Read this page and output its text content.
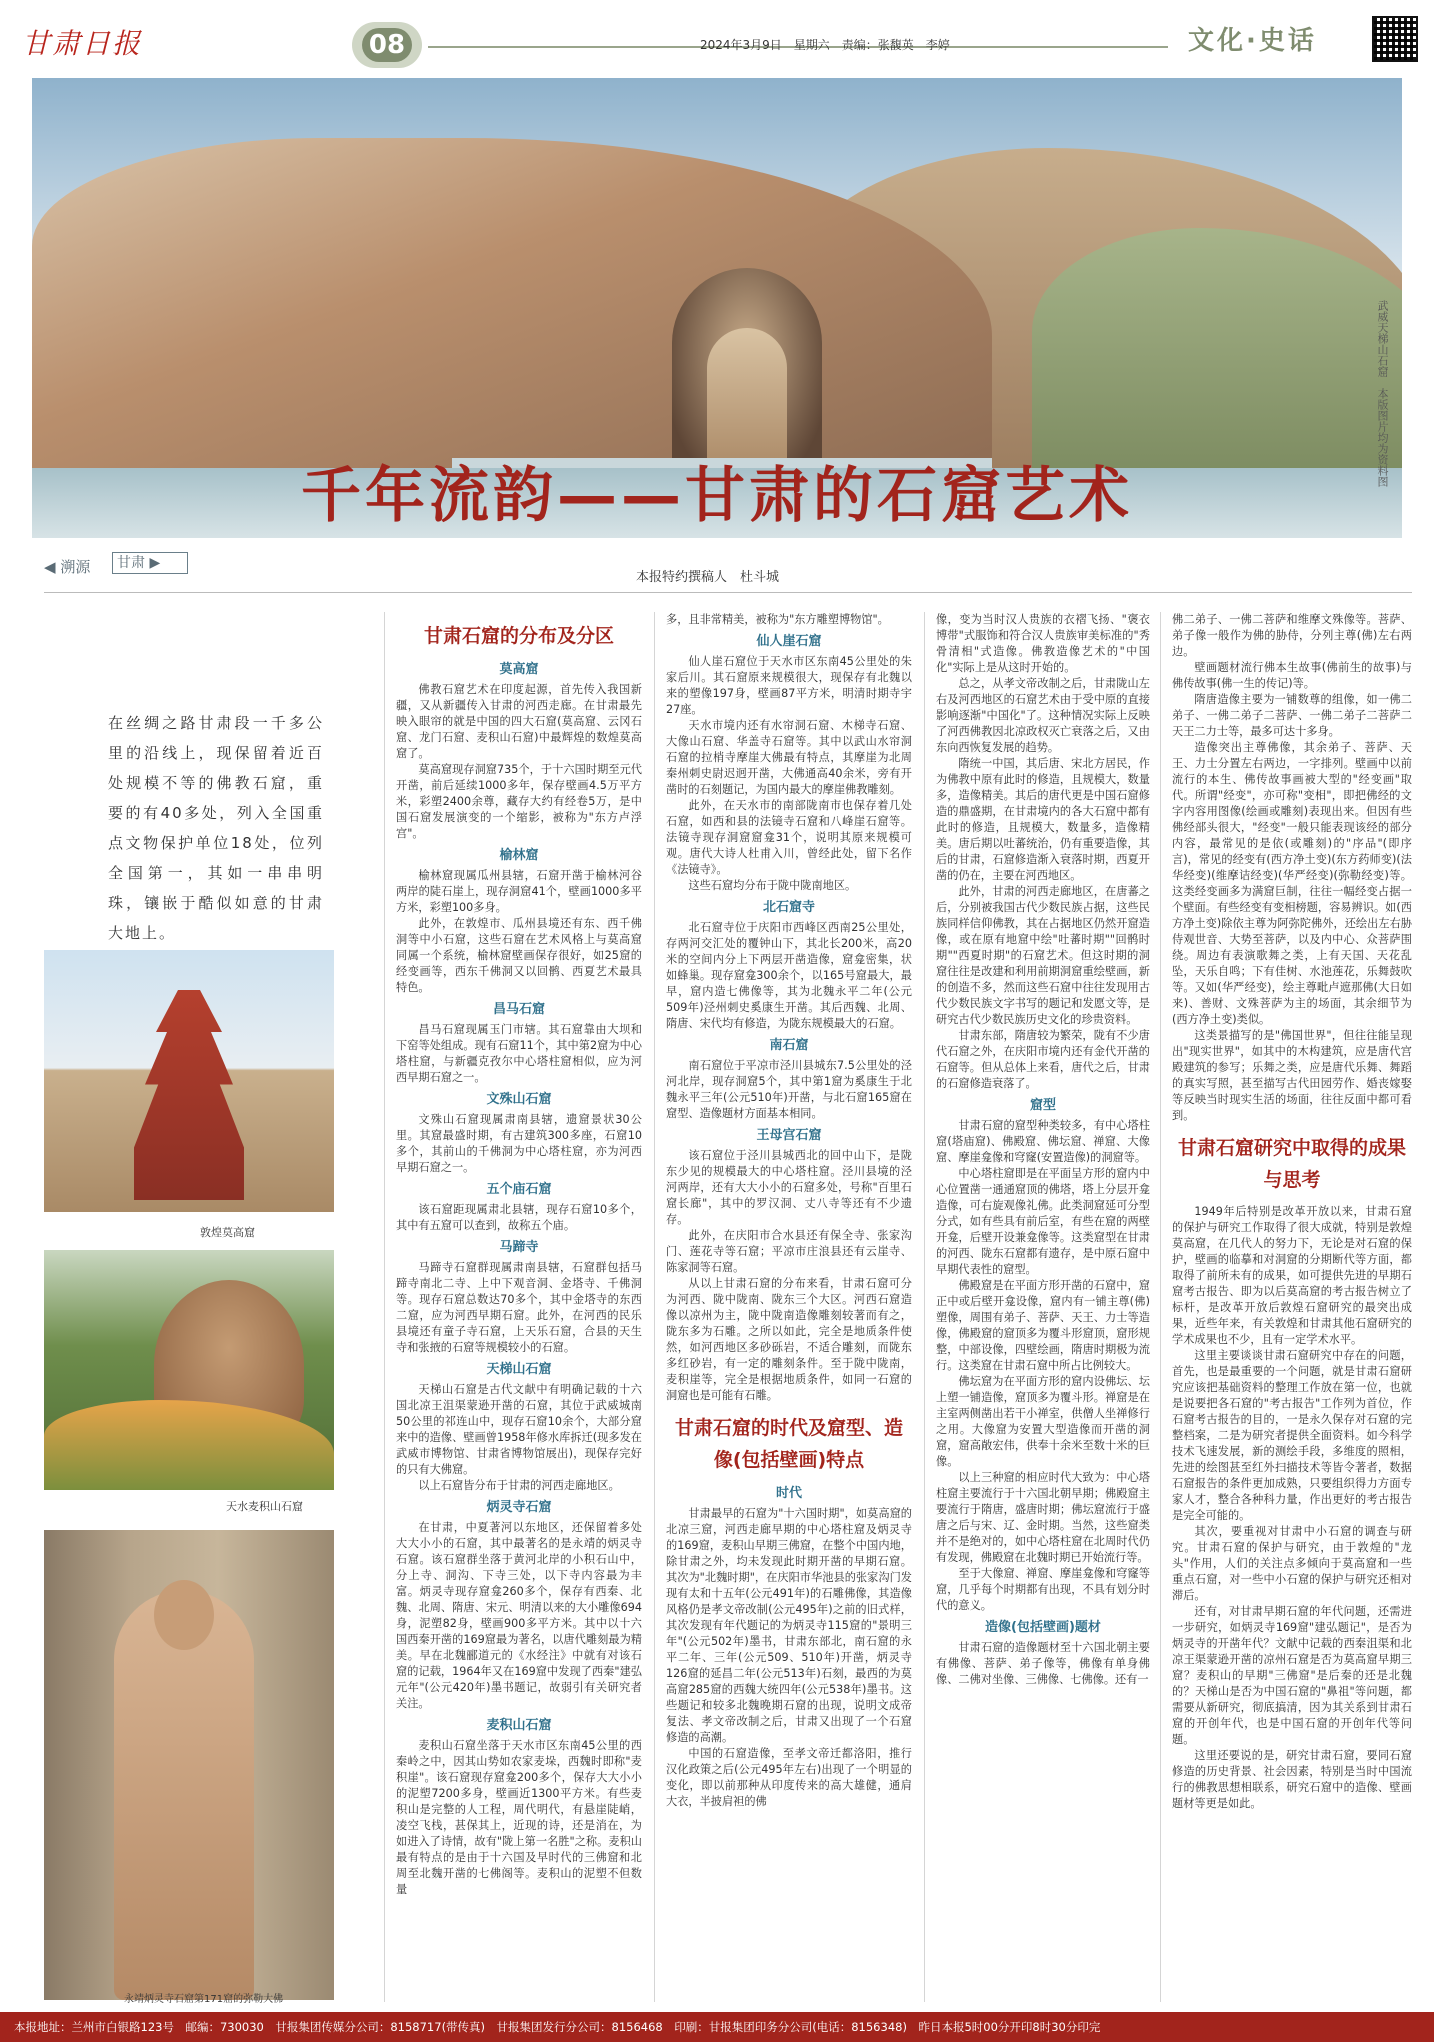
甘肃日报	08	2024年3月9日　星期六　责编：张馥英　李婷	文化·史话
武威天梯山石窟　本版图片均为资料图
千年流韵——甘肃的石窟艺术
◀ 溯源	甘肃 ▶
本报特约撰稿人　杜斗城
在丝绸之路甘肃段一千多公里的沿线上，现保留着近百处规模不等的佛教石窟，重要的有40多处，列入全国重点文物保护单位18处，位列全国第一，其如一串串明珠，镶嵌于酷似如意的甘肃大地上。
敦煌莫高窟
天水麦积山石窟
永靖炳灵寺石窟第171窟的弥勒大佛
甘肃石窟的分布及分区
莫高窟

佛教石窟艺术在印度起源，首先传入我国新疆，又从新疆传入甘肃的河西走廊。在甘肃最先映入眼帘的就是中国的四大石窟(莫高窟、云冈石窟、龙门石窟、麦积山石窟)中最辉煌的数煌莫高窟了。

莫高窟现存洞窟735个，于十六国时期至元代开凿，前后延续1000多年，保存壁画4.5万平方米，彩塑2400余尊，藏存大约有经卷5万，是中国石窟发展演变的一个缩影，被称为"东方卢浮宫"。

榆林窟

榆林窟现属瓜州县辖，石窟开凿于榆林河谷两岸的陡石崖上，现存洞窟41个，壁画1000多平方米，彩塑100多身。

此外，在敦煌市、瓜州县境还有东、西千佛洞等中小石窟，这些石窟在艺术风格上与莫高窟同属一个系统，榆林窟壁画保存很好，如25窟的经变画等，西东千佛洞又以回鹘、西夏艺术最具特色。

昌马石窟

昌马石窟现属玉门市辖。其石窟靠由大坝和下窑等处组成。现有石窟11个，其中第2窟为中心塔柱窟，与新疆克孜尔中心塔柱窟相似，应为河西早期石窟之一。

文殊山石窟

文殊山石窟现属肃南县辖，遗窟景状30公里。其窟最盛时期，有古建筑300多座，石窟10多个，其前山的千佛洞为中心塔柱窟，亦为河西早期石窟之一。

五个庙石窟

该石窟距现属肃北县辖，现存石窟10多个，其中有五窟可以查到，故称五个庙。

马蹄寺

马蹄寺石窟群现属肃南县辖，石窟群包括马蹄寺南北二寺、上中下观音洞、金塔寺、千佛洞等。现存石窟总数达70多个，其中金塔寺的东西二窟，应为河西早期石窟。此外，在河西的民乐县境还有童子寺石窟，上天乐石窟，合县的天生寺和张掖的石窟等规模较小的石窟。

天梯山石窟

天梯山石窟是古代文献中有明确记载的十六国北凉王沮渠蒙逊开凿的石窟，其位于武威城南50公里的祁连山中，现存石窟10余个，大部分窟来中的造像、壁画曾1958年修水库拆迁(现多发在武威市博物馆、甘肃省博物馆展出)，现保存完好的只有大佛窟。

以上石窟皆分布于甘肃的河西走廊地区。

炳灵寺石窟

在甘肃，中夏著河以东地区，还保留着多处大大小小的石窟，其中最著名的是永靖的炳灵寺石窟。该石窟群坐落于黄河北岸的小积石山中，分上寺、洞沟、下寺三处，以下寺内容最为丰富。炳灵寺现存窟龛260多个，保存有西秦、北魏、北周、隋唐、宋元、明清以来的大小雕像694身，泥塑82身，壁画900多平方米。其中以十六国西秦开凿的169窟最为著名，以唐代雕刻最为精美。早在北魏郦道元的《水经注》中就有对该石窟的记载，1964年又在169窟中发现了西秦"建弘元年"(公元420年)墨书题记，故弱引有关研究者关注。

麦积山石窟

麦积山石窟坐落于天水市区东南45公里的西秦岭之中，因其山势如农家麦垛，西魏时即称"麦积崖"。该石窟现存窟龛200多个，保存大大小小的泥塑7200多身，壁画近1300平方米。有些麦积山是完整的人工程，周代明代，有悬崖陡峭，凌空飞栈，甚保其上，近现的诗，还是消在，为如进入了诗情，故有"陇上第一名胜"之称。麦积山最有特点的是由于十六国及早时代的三佛窟和北周至北魏开凿的七佛阁等。麦积山的泥塑不但数量

多，且非常精美，被称为"东方雕塑博物馆"。

仙人崖石窟

仙人崖石窟位于天水市区东南45公里处的朱家后川。其石窟原来规模很大，现保存有北魏以来的塑像197身，壁画87平方米，明清时期寺宇27座。

天水市境内还有水帘洞石窟、木梯寺石窟、大像山石窟、华盖寺石窟等。其中以武山水帘洞石窟的拉梢寺摩崖大佛最有特点，其摩崖为北周秦州刺史尉迟迥开凿，大佛通高40余米，旁有开凿时的石刻题记，为国内最大的摩崖佛教雕刻。

此外，在天水市的南部陇南市也保存着几处石窟，如西和县的法镜寺石窟和八峰崖石窟等。法镜寺现存洞窟窟龛31个，说明其原来规模可观。唐代大诗人杜甫入川，曾经此处，留下名作《法镜寺》。

这些石窟均分布于陇中陇南地区。

北石窟寺

北石窟寺位于庆阳市西峰区西南25公里处，存两河交汇处的覆钟山下，其北长200米，高20米的空间内分上下两层开凿造像，窟龛密集，状如蜂巢。现存窟龛300余个，以165号窟最大，最早，窟内造七佛像等，其为北魏永平二年(公元509年)泾州刺史奚康生开凿。其后西魏、北周、隋唐、宋代均有修造，为陇东规模最大的石窟。

南石窟

南石窟位于平凉市泾川县城东7.5公里处的泾河北岸，现存洞窟5个，其中第1窟为奚康生于北魏永平三年(公元510年)开凿，与北石窟165窟在窟型、造像题材方面基本相同。

王母宫石窟

该石窟位于泾川县城西北的回中山下，是陇东少见的规模最大的中心塔柱窟。泾川县境的泾河两岸，还有大大小小的石窟多处，号称"百里石窟长廊"，其中的罗汉洞、丈八寺等还有不少遗存。

此外，在庆阳市合水县还有保全寺、张家沟门、莲花寺等石窟；平凉市庄浪县还有云崖寺、陈家洞等石窟。

从以上甘肃石窟的分布来看，甘肃石窟可分为河西、陇中陇南、陇东三个大区。河西石窟造像以凉州为主，陇中陇南造像雕刻较著而有之，陇东多为石雕。之所以如此，完全是地质条件使然，如河西地区多砂砾岩，不适合雕刻，而陇东多红砂岩，有一定的雕刻条件。至于陇中陇南，麦积崖等，完全是根据地质条件，如同一石窟的洞窟也是可能有石雕。

甘肃石窟的时代及窟型、造像(包括壁画)特点
时代

甘肃最早的石窟为"十六国时期"，如莫高窟的北凉三窟，河西走廊早期的中心塔柱窟及炳灵寺的169窟，麦积山早期三佛窟，在整个中国内地，除甘肃之外，均未发现此时期开凿的早期石窟。其次为"北魏时期"，在庆阳市华池县的张家沟门发现有太和十五年(公元491年)的石雕佛像，其造像风格仍是孝文帝改制(公元495年)之前的旧式样，其次发现有年代题记的为炳灵寺115窟的"景明三年"(公元502年)墨书，甘肃东部北，南石窟的永平二年、三年(公元509、510年)开凿，炳灵寺126窟的延昌二年(公元513年)石刻，最西的为莫高窟285窟的西魏大统四年(公元538年)墨书。这些题记和较多北魏晚期石窟的出现，说明文成帝复法、孝文帝改制之后，甘肃又出现了一个石窟修造的高潮。

中国的石窟造像，至孝文帝迁都洛阳，推行汉化政策之后(公元495年左右)出现了一个明显的变化，即以前那种从印度传来的高大雄健，通肩大衣，半披肩袒的佛

像，变为当时汉人贵族的衣褶飞扬、"褒衣博带"式服饰和符合汉人贵族审美标准的"秀骨清相"式造像。佛教造像艺术的"中国化"实际上是从这时开始的。

总之，从孝文帝改制之后，甘肃陇山左右及河西地区的石窟艺术由于受中原的直接影响逐渐"中国化"了。这种情况实际上反映了河西佛教因北凉政权灭亡衰落之后，又由东向西恢复发展的趋势。

隋统一中国，其后唐、宋北方居民，作为佛教中原有此时的修造，且规模大，数量多，造像精美。其后的唐代更是中国石窟修造的鼎盛期，在甘肃境内的各大石窟中都有此时的修造，且规模大，数量多，造像精美。唐后期以吐蕃统治，仍有重要造像，其后的甘肃，石窟修造渐入衰落时期，西夏开凿的仍在，主要在河西地区。

此外，甘肃的河西走廊地区，在唐蕃之后，分别被我国古代少数民族占据，这些民族同样信仰佛教，其在占据地区仍然开窟造像，或在原有地窟中绘"吐蕃时期""回鹘时期""西夏时期"的石窟艺术。但这时期的洞窟往往是改建和利用前期洞窟重绘壁画，新的创造不多，然而这些石窟中往往发现用古代少数民族文字书写的题记和发愿文等，是研究古代少数民族历史文化的珍贵资料。

甘肃东部，隋唐较为繁荣，陇有不少唐代石窟之外，在庆阳市境内还有金代开凿的石窟等。但从总体上来看，唐代之后，甘肃的石窟修造衰落了。

窟型

甘肃石窟的窟型种类较多，有中心塔柱窟(塔庙窟)、佛殿窟、佛坛窟、禅窟、大像窟、摩崖龛像和穹窿(安置造像)的洞窟等。

中心塔柱窟即是在平面呈方形的窟内中心位置凿一通通窟顶的佛塔，塔上分层开龛造像，可右旋观像礼佛。此类洞窟延可分型分式，如有些具有前后室，有些在窟的两壁开龛，后壁开设兼龛像等。这类窟型在甘肃的河西、陇东石窟都有遗存，是中原石窟中早期代表性的窟型。

佛殿窟是在平面方形开凿的石窟中，窟正中或后壁开龛设像，窟内有一铺主尊(佛)塑像，周围有弟子、菩萨、天王、力士等造像，佛殿窟的窟顶多为覆斗形窟顶，窟形规整，中部设像，四壁绘画，隋唐时期极为流行。这类窟在甘肃石窟中所占比例较大。

佛坛窟为在平面方形的窟内设佛坛、坛上塑一铺造像，窟顶多为覆斗形。禅窟是在主室两侧凿出若干小禅室，供僧人坐禅修行之用。大像窟为安置大型造像而开凿的洞窟，窟高敞宏伟，供奉十余米至数十米的巨像。

以上三种窟的相应时代大致为：中心塔柱窟主要流行于十六国北朝早期；佛殿窟主要流行于隋唐，盛唐时期；佛坛窟流行于盛唐之后与宋、辽、金时期。当然，这些窟类并不是绝对的，如中心塔柱窟在北周时代仍有发现，佛殿窟在北魏时期已开始流行等。

至于大像窟、禅窟、摩崖龛像和穹窿等窟，几乎每个时期都有出现，不具有划分时代的意义。

造像(包括壁画)题材

甘肃石窟的造像题材至十六国北朝主要有佛像、菩萨、弟子像等，佛像有单身佛像、二佛对坐像、三佛像、七佛像。还有一

佛二弟子、一佛二菩萨和维摩文殊像等。菩萨、弟子像一般作为佛的胁侍，分列主尊(佛)左右两边。

壁画题材流行佛本生故事(佛前生的故事)与佛传故事(佛一生的传记)等。

隋唐造像主要为一铺数尊的组像，如一佛二弟子、一佛二弟子二菩萨、一佛二弟子二菩萨二天王二力士等，最多可达十多身。

造像突出主尊佛像，其余弟子、菩萨、天王、力士分置左右两边，一字排列。壁画中以前流行的本生、佛传故事画被大型的"经变画"取代。所谓"经变"，亦可称"变相"，即把佛经的文字内容用图像(绘画或雕刻)表现出来。但因有些佛经部头很大，"经变"一般只能表现该经的部分内容，最常见的是依(或雕刻)的"序品"(即序言)，常见的经变有(西方净土变)(东方药师变)(法华经变)(维摩诘经变)(华严经变)(弥勒经变)等。这类经变画多为满窟巨制，往往一幅经变占据一个壁面。有些经变有变相榜题，容易辨识。如(西方净土变)除依主尊为阿弥陀佛外，还绘出左右胁侍观世音、大势至菩萨，以及内中心、众菩萨围绕。周边有表演歌舞之类，上有天国、天花乱坠，天乐自鸣；下有佳树、水池莲花，乐舞鼓吹等。又如(华严经变)，绘主尊毗卢遮那佛(大日如来)、善财、文殊菩萨为主的场面，其余细节为(西方净土变)类似。

这类景描写的是"佛国世界"，但往往能呈现出"现实世界"，如其中的木构建筑，应是唐代宫殿建筑的参写；乐舞之类，应是唐代乐舞、舞蹈的真实写照，甚至描写古代田园劳作、婚丧嫁娶等反映当时现实生活的场面，往往反面中都可看到。

甘肃石窟研究中取得的成果与思考

1949年后特别是改革开放以来，甘肃石窟的保护与研究工作取得了很大成就，特别是敦煌莫高窟，在几代人的努力下，无论是对石窟的保护，壁画的临摹和对洞窟的分期断代等方面，都取得了前所未有的成果，如可提供先进的早期石窟考古报告、即为以后莫高窟的考古报告树立了标杆，是改革开放后敦煌石窟研究的最突出成果，近些年来，有关敦煌和甘肃其他石窟研究的学术成果也不少，且有一定学术水平。

这里主要谈谈甘肃石窟研究中存在的问题，首先，也是最重要的一个问题，就是甘肃石窟研究应该把基础资料的整理工作放在第一位，也就是说要把各石窟的"考古报告"工作列为首位，作石窟考古报告的目的，一是永久保存对石窟的完整档案，二是为研究者提供全面资料。如今科学技术飞速发展，新的测绘手段，多维度的照相，先进的绘图甚至红外扫描技术等皆令著者，数据石窟报告的条件更加成熟，只要组织得力方面专家人才，整合各种科力量，作出更好的考古报告是完全可能的。

其次，要重视对甘肃中小石窟的调查与研究。甘肃石窟的保护与研究，由于敦煌的"龙头"作用，人们的关注点多倾向于莫高窟和一些重点石窟，对一些中小石窟的保护与研究还相对滞后。

还有，对甘肃早期石窟的年代问题，还需进一步研究，如炳灵寺169窟"建弘题记"，是否为炳灵寺的开凿年代？文献中记载的西秦沮渠和北凉王渠蒙逊开凿的凉州石窟是否为莫高窟早期三窟？麦积山的早期"三佛窟"是后秦的还是北魏的？天梯山是否为中国石窟的"鼻祖"等问题，都需要从新研究，彻底搞清，因为其关系到甘肃石窟的开创年代，也是中国石窟的开创年代等问题。

这里还要说的是，研究甘肃石窟，要同石窟修造的历史背景、社会因素，特别是当时中国流行的佛教思想相联系，研究石窟中的造像、壁画题材等更是如此。

本报地址：兰州市白银路123号　邮编：730030　甘报集团传媒分公司：8158717(带传真)　甘报集团发行分公司：8156468　印刷：甘报集团印务分公司(电话：8156348)　昨日本报5时00分开印8时30分印完
